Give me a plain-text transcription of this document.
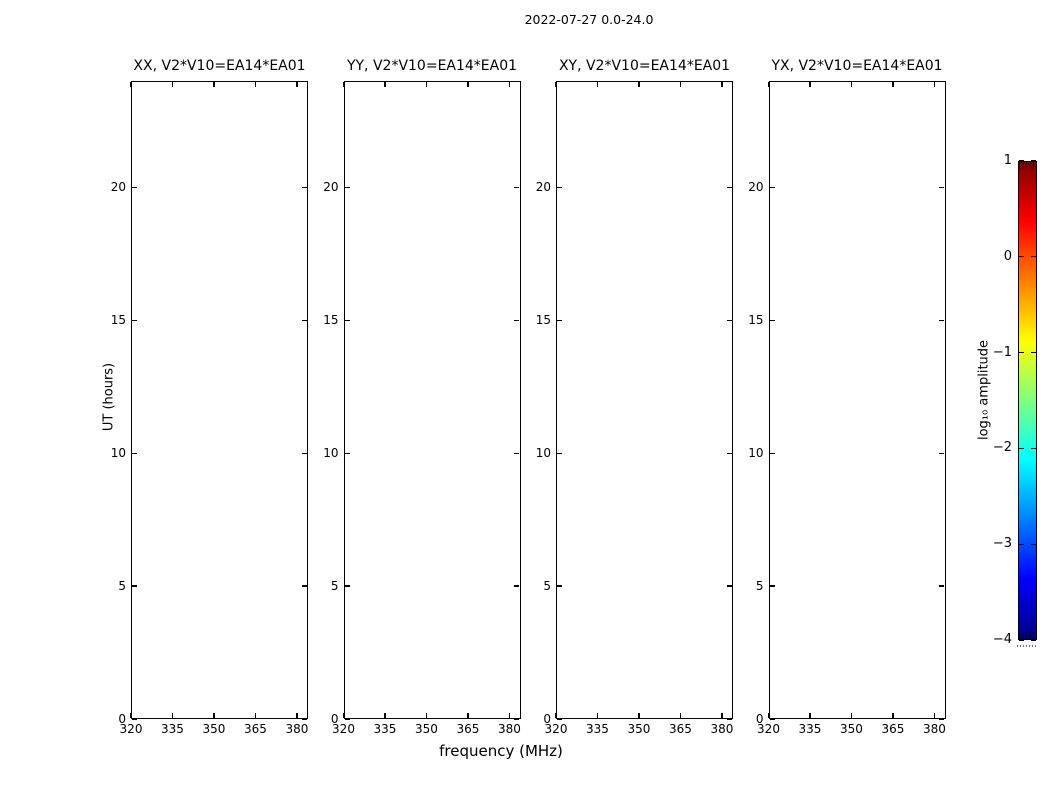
2022-07-27 0.0-24.0
XX, V2*V10=EA14*EA01
320 335 350 365 380
0
5
10
15
20
YY, V2*V10=EA14*EA01
320 335 350 365 380
0
5
10
15
20
XY, V2*V10=EA14*EA01
320 335 350 365 380
0
5
10
15
20
YX, V2*V10=EA14*EA01
320 335 350 365 380
0
5
10
15
20
frequency (MHz)
UT (hours)
1
0
−1
−2
−3
−4
log₁₀ amplitude
